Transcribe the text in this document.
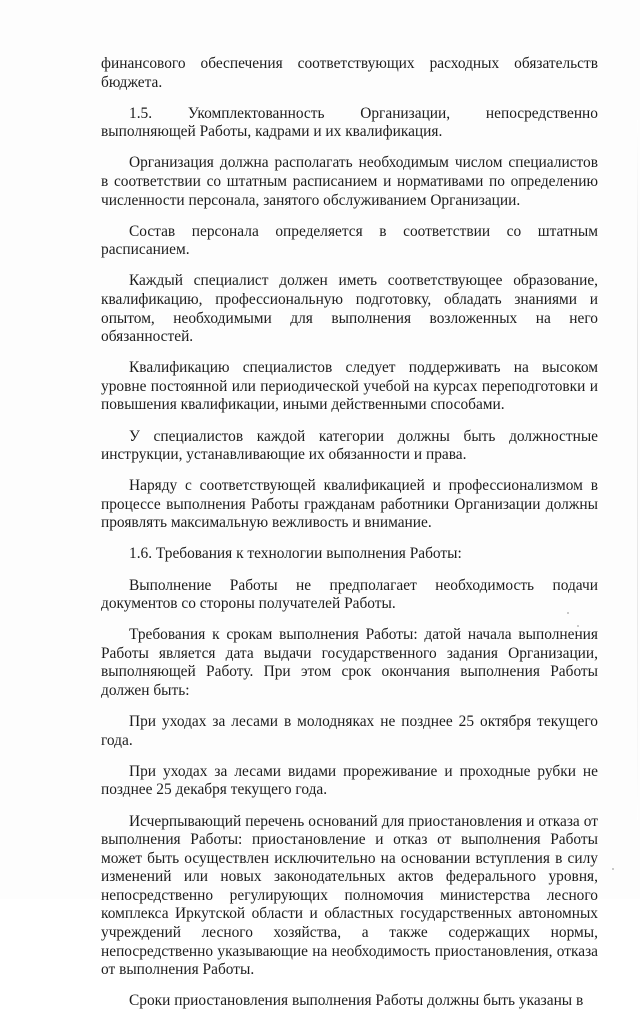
финансового обеспечения соответствующих расходных обязательств бюджета.

1.5. Укомплектованность Организации, непосредственно выполняющей Работы, кадрами и их квалификация.

Организация должна располагать необходимым числом специалистов в соответствии со штатным расписанием и нормативами по определению численности персонала, занятого обслуживанием Организации.

Состав персонала определяется в соответствии со штатным расписанием.

Каждый специалист должен иметь соответствующее образование, квалификацию, профессиональную подготовку, обладать знаниями и опытом, необходимыми для выполнения возложенных на него обязанностей.

Квалификацию специалистов следует поддерживать на высоком уровне постоянной или периодической учебой на курсах переподготовки и повышения квалификации, иными действенными способами.

У специалистов каждой категории должны быть должностные инструкции, устанавливающие их обязанности и права.

Наряду с соответствующей квалификацией и профессионализмом в процессе выполнения Работы гражданам работники Организации должны проявлять максимальную вежливость и внимание.

1.6. Требования к технологии выполнения Работы:

Выполнение Работы не предполагает необходимость подачи документов со стороны получателей Работы.

Требования к срокам выполнения Работы: датой начала выполнения Работы является дата выдачи государственного задания Организации, выполняющей Работу. При этом срок окончания выполнения Работы должен быть:

При уходах за лесами в молодняках не позднее 25 октября текущего года.

При уходах за лесами видами прореживание и проходные рубки не позднее 25 декабря текущего года.

Исчерпывающий перечень оснований для приостановления и отказа от выполнения Работы: приостановление и отказ от выполнения Работы может быть осуществлен исключительно на основании вступления в силу изменений или новых законодательных актов федерального уровня, непосредственно регулирующих полномочия министерства лесного комплекса Иркутской области и областных государственных автономных учреждений лесного хозяйства, а также содержащих нормы, непосредственно указывающие на необходимость приостановления, отказа от выполнения Работы.

Сроки приостановления выполнения Работы должны быть указаны в
